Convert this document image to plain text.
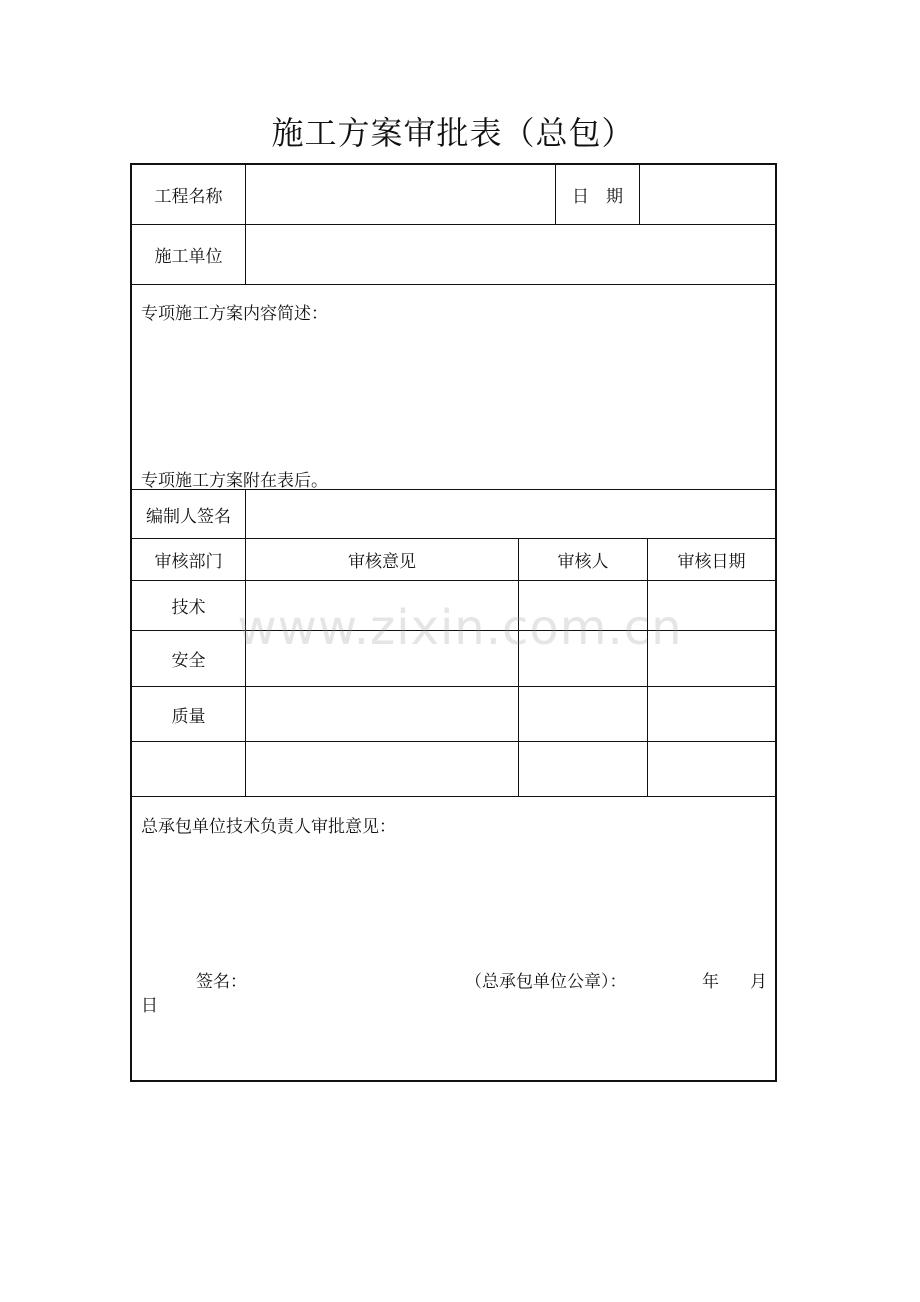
施工方案审批表（总包）
工程名称	日　期
施工单位
专项施工方案内容简述：
专项施工方案附在表后。
编制人签名
审核部门	审核意见	审核人	审核日期
技术
安全
质量
总承包单位技术负责人审批意见：
签名：	（总承包单位公章）：	年 月
日
www.zixin.com.cn
